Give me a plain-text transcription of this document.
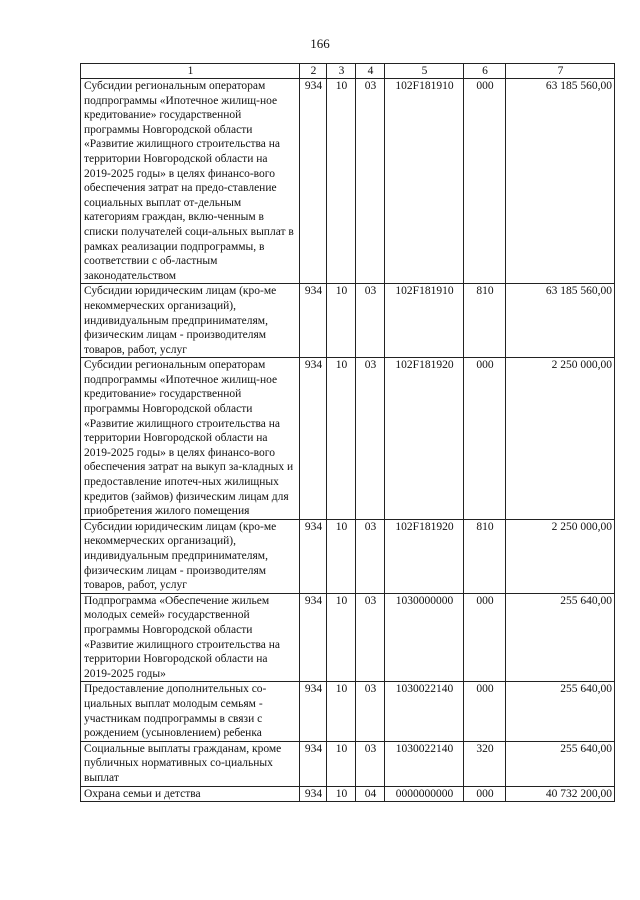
166
1	2	3	4	5	6	7
Субсидии региональным операторам подпрограммы «Ипотечное жилищ-ное кредитование» государственной программы Новгородской области «Развитие жилищного строительства на территории Новгородской области на 2019-2025 годы» в целях финансо-вого обеспечения затрат на предо-ставление социальных выплат от-дельным категориям граждан, вклю-ченным в списки получателей соци-альных выплат в рамках реализации подпрограммы, в соответствии с об-ластным законодательством	934	10	03	102F181910	000	63 185 560,00
Субсидии юридическим лицам (кро-ме некоммерческих организаций), индивидуальным предпринимателям, физическим лицам - производителям товаров, работ, услуг	934	10	03	102F181910	810	63 185 560,00
Субсидии региональным операторам подпрограммы «Ипотечное жилищ-ное кредитование» государственной программы Новгородской области «Развитие жилищного строительства на территории Новгородской области на 2019-2025 годы» в целях финансо-вого обеспечения затрат на выкуп за-кладных и предоставление ипотеч-ных жилищных кредитов (займов) физическим лицам для приобретения жилого помещения	934	10	03	102F181920	000	2 250 000,00
Субсидии юридическим лицам (кро-ме некоммерческих организаций), индивидуальным предпринимателям, физическим лицам - производителям товаров, работ, услуг	934	10	03	102F181920	810	2 250 000,00
Подпрограмма «Обеспечение жильем молодых семей» государственной программы Новгородской области «Развитие жилищного строительства на территории Новгородской области на 2019-2025 годы»	934	10	03	1030000000	000	255 640,00
Предоставление дополнительных со-циальных выплат молодым семьям - участникам подпрограммы в связи с рождением (усыновлением) ребенка	934	10	03	1030022140	000	255 640,00
Социальные выплаты гражданам, кроме публичных нормативных со-циальных выплат	934	10	03	1030022140	320	255 640,00
Охрана семьи и детства	934	10	04	0000000000	000	40 732 200,00
